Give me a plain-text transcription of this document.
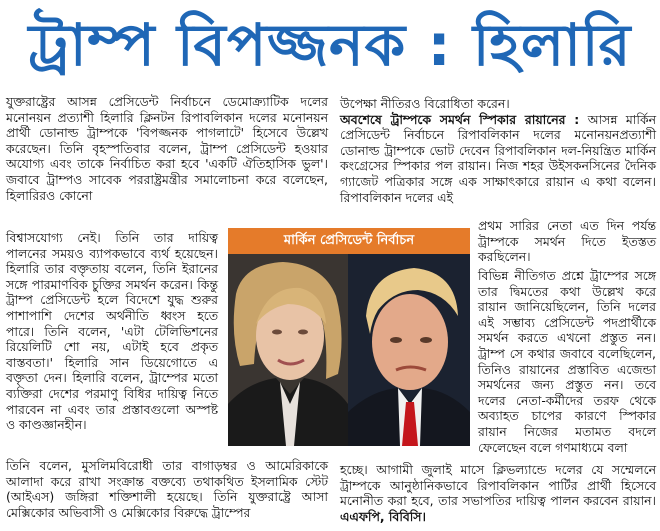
ট্রাম্প বিপজ্জনক : হিলারি

যুক্তরাষ্ট্রের আসন্ন প্রেসিডেন্ট নির্বাচনে ডেমোক্র্যাটিক দলের মনোনয়ন প্রত্যাশী হিলারি ক্লিনটন রিপাবলিকান দলের মনোনয়ন প্রার্থী ডোনাল্ড ট্রাম্পকে 'বিপজ্জনক পাগলাটে' হিসেবে উল্লেখ করেছেন। তিনি বৃহস্পতিবার বলেন, ট্রাম্প প্রেসিডেন্ট হওয়ার অযোগ্য এবং তাকে নির্বাচিত করা হবে 'একটি ঐতিহাসিক ভুল'। জবাবে ট্রাম্পও সাবেক পররাষ্ট্রমন্ত্রীর সমালোচনা করে বলেছেন, হিলারিরও কোনো

বিশ্বাসযোগ্য নেই। তিনি তার দায়িত্ব পালনের সময়ও ব্যাপকভাবে ব্যর্থ হয়েছেন। হিলারি তার বক্তৃতায় বলেন, তিনি ইরানের সঙ্গে পারমাণবিক চুক্তির সমর্থন করেন। কিন্তু ট্রাম্প প্রেসিডেন্ট হলে বিদেশে যুদ্ধ শুরুর পাশাপাশি দেশের অর্থনীতি ধ্বংস হতে পারে। তিনি বলেন, 'এটা টেলিভিশনের রিয়েলিটি শো নয়, এটাই হবে প্রকৃত বাস্তবতা।' হিলারি সান ডিয়েগোতে এ বক্তৃতা দেন। হিলারি বলেন, ট্রাম্পের মতো ব্যক্তিরা দেশের পরমাণু বিধির দায়িত্ব নিতে পারবেন না এবং তার প্রস্তাবগুলো অস্পষ্ট ও কাণ্ডজ্ঞানহীন।

তিনি বলেন, মুসলিমবিরোধী তার বাগাড়ম্বর ও আমেরিকাকে আলাদা করে রাখা সংক্রান্ত বক্তব্যে তথাকথিত ইসলামিক স্টেট (আইএস) জঙ্গিরা শক্তিশালী হয়েছে। তিনি যুক্তরাষ্ট্রে আসা মেক্সিকোর অভিবাসী ও মেক্সিকোর বিরুদ্ধে ট্রাম্পের

উপেক্ষা নীতিরও বিরোধিতা করেন।

অবশেষে ট্রাম্পকে সমর্থন স্পিকার রায়ানের : আসন্ন মার্কিন প্রেসিডেন্ট নির্বাচনে রিপাবলিকান দলের মনোনয়নপ্রত্যাশী ডোনাল্ড ট্রাম্পকে ভোট দেবেন রিপাবলিকান দল-নিয়ন্ত্রিত মার্কিন কংগ্রেসের স্পিকার পল রায়ান। নিজ শহর উইসকনসিনের দৈনিক গ্যাজেট পত্রিকার সঙ্গে এক সাক্ষাৎকারে রায়ান এ কথা বলেন। রিপাবলিকান দলের এই

প্রথম সারির নেতা এত দিন পর্যন্ত ট্রাম্পকে সমর্থন দিতে ইতস্তত করছিলেন।

বিভিন্ন নীতিগত প্রশ্নে ট্রাম্পের সঙ্গে তার দ্বিমতের কথা উল্লেখ করে রায়ান জানিয়েছিলেন, তিনি দলের এই সম্ভাব্য প্রেসিডেন্ট পদপ্রার্থীকে সমর্থন করতে এখনো প্রস্তুত নন। ট্রাম্প সে কথার জবাবে বলেছিলেন, তিনিও রায়ানের প্রস্তাবিত এজেন্ডা সমর্থনের জন্য প্রস্তুত নন। তবে দলের নেতা-কর্মীদের তরফ থেকে অব্যাহত চাপের কারণে স্পিকার রায়ান নিজের মতামত বদলে ফেলেছেন বলে গণমাধ্যমে বলা

হচ্ছে। আগামী জুলাই মাসে ক্লিভল্যান্ডে দলের যে সম্মেলনে ট্রাম্পকে আনুষ্ঠানিকভাবে রিপাবলিকান পার্টির প্রার্থী হিসেবে মনোনীত করা হবে, তার সভাপতির দায়িত্ব পালন করবেন রায়ান। এএফপি, বিবিসি।

মার্কিন প্রেসিডেন্ট নির্বাচন
